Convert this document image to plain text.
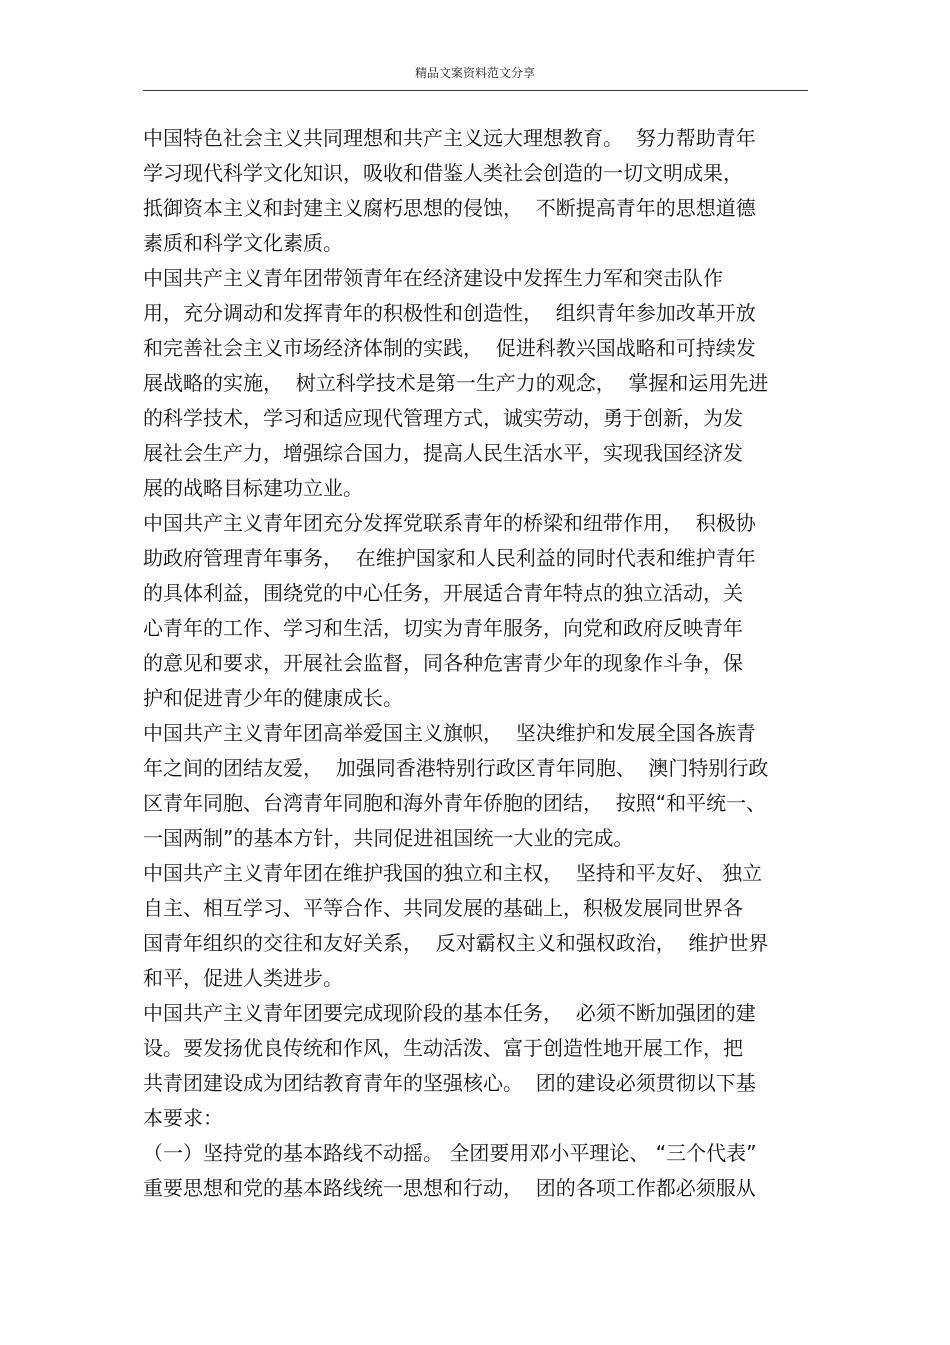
精品文案资料范文分享
中国特色社会主义共同理想和共产主义远大理想教育。  努力帮助青年
学习现代科学文化知识，吸收和借鉴人类社会创造的一切文明成果，
抵御资本主义和封建主义腐朽思想的侵蚀，  不断提高青年的思想道德
素质和科学文化素质。
中国共产主义青年团带领青年在经济建设中发挥生力军和突击队作
用，充分调动和发挥青年的积极性和创造性，  组织青年参加改革开放
和完善社会主义市场经济体制的实践，  促进科教兴国战略和可持续发
展战略的实施，  树立科学技术是第一生产力的观念，  掌握和运用先进
的科学技术，学习和适应现代管理方式，诚实劳动，勇于创新，为发
展社会生产力，增强综合国力，提高人民生活水平，实现我国经济发
展的战略目标建功立业。
中国共产主义青年团充分发挥党联系青年的桥梁和纽带作用，  积极协
助政府管理青年事务，  在维护国家和人民利益的同时代表和维护青年
的具体利益，围绕党的中心任务，开展适合青年特点的独立活动，关
心青年的工作、学习和生活，切实为青年服务，向党和政府反映青年
的意见和要求，开展社会监督，同各种危害青少年的现象作斗争，保
护和促进青少年的健康成长。
中国共产主义青年团高举爱国主义旗帜，  坚决维护和发展全国各族青
年之间的团结友爱，  加强同香港特别行政区青年同胞、  澳门特别行政
区青年同胞、台湾青年同胞和海外青年侨胞的团结，  按照“和平统一、
一国两制”的基本方针，共同促进祖国统一大业的完成。
中国共产主义青年团在维护我国的独立和主权，  坚持和平友好、 独立
自主、相互学习、平等合作、共同发展的基础上，积极发展同世界各
国青年组织的交往和友好关系，  反对霸权主义和强权政治，  维护世界
和平，促进人类进步。
中国共产主义青年团要完成现阶段的基本任务，  必须不断加强团的建
设。要发扬优良传统和作风，生动活泼、富于创造性地开展工作，把
共青团建设成为团结教育青年的坚强核心。  团的建设必须贯彻以下基
本要求：
（一）坚持党的基本路线不动摇。 全团要用邓小平理论、 “三个代表”
重要思想和党的基本路线统一思想和行动，  团的各项工作都必须服从
